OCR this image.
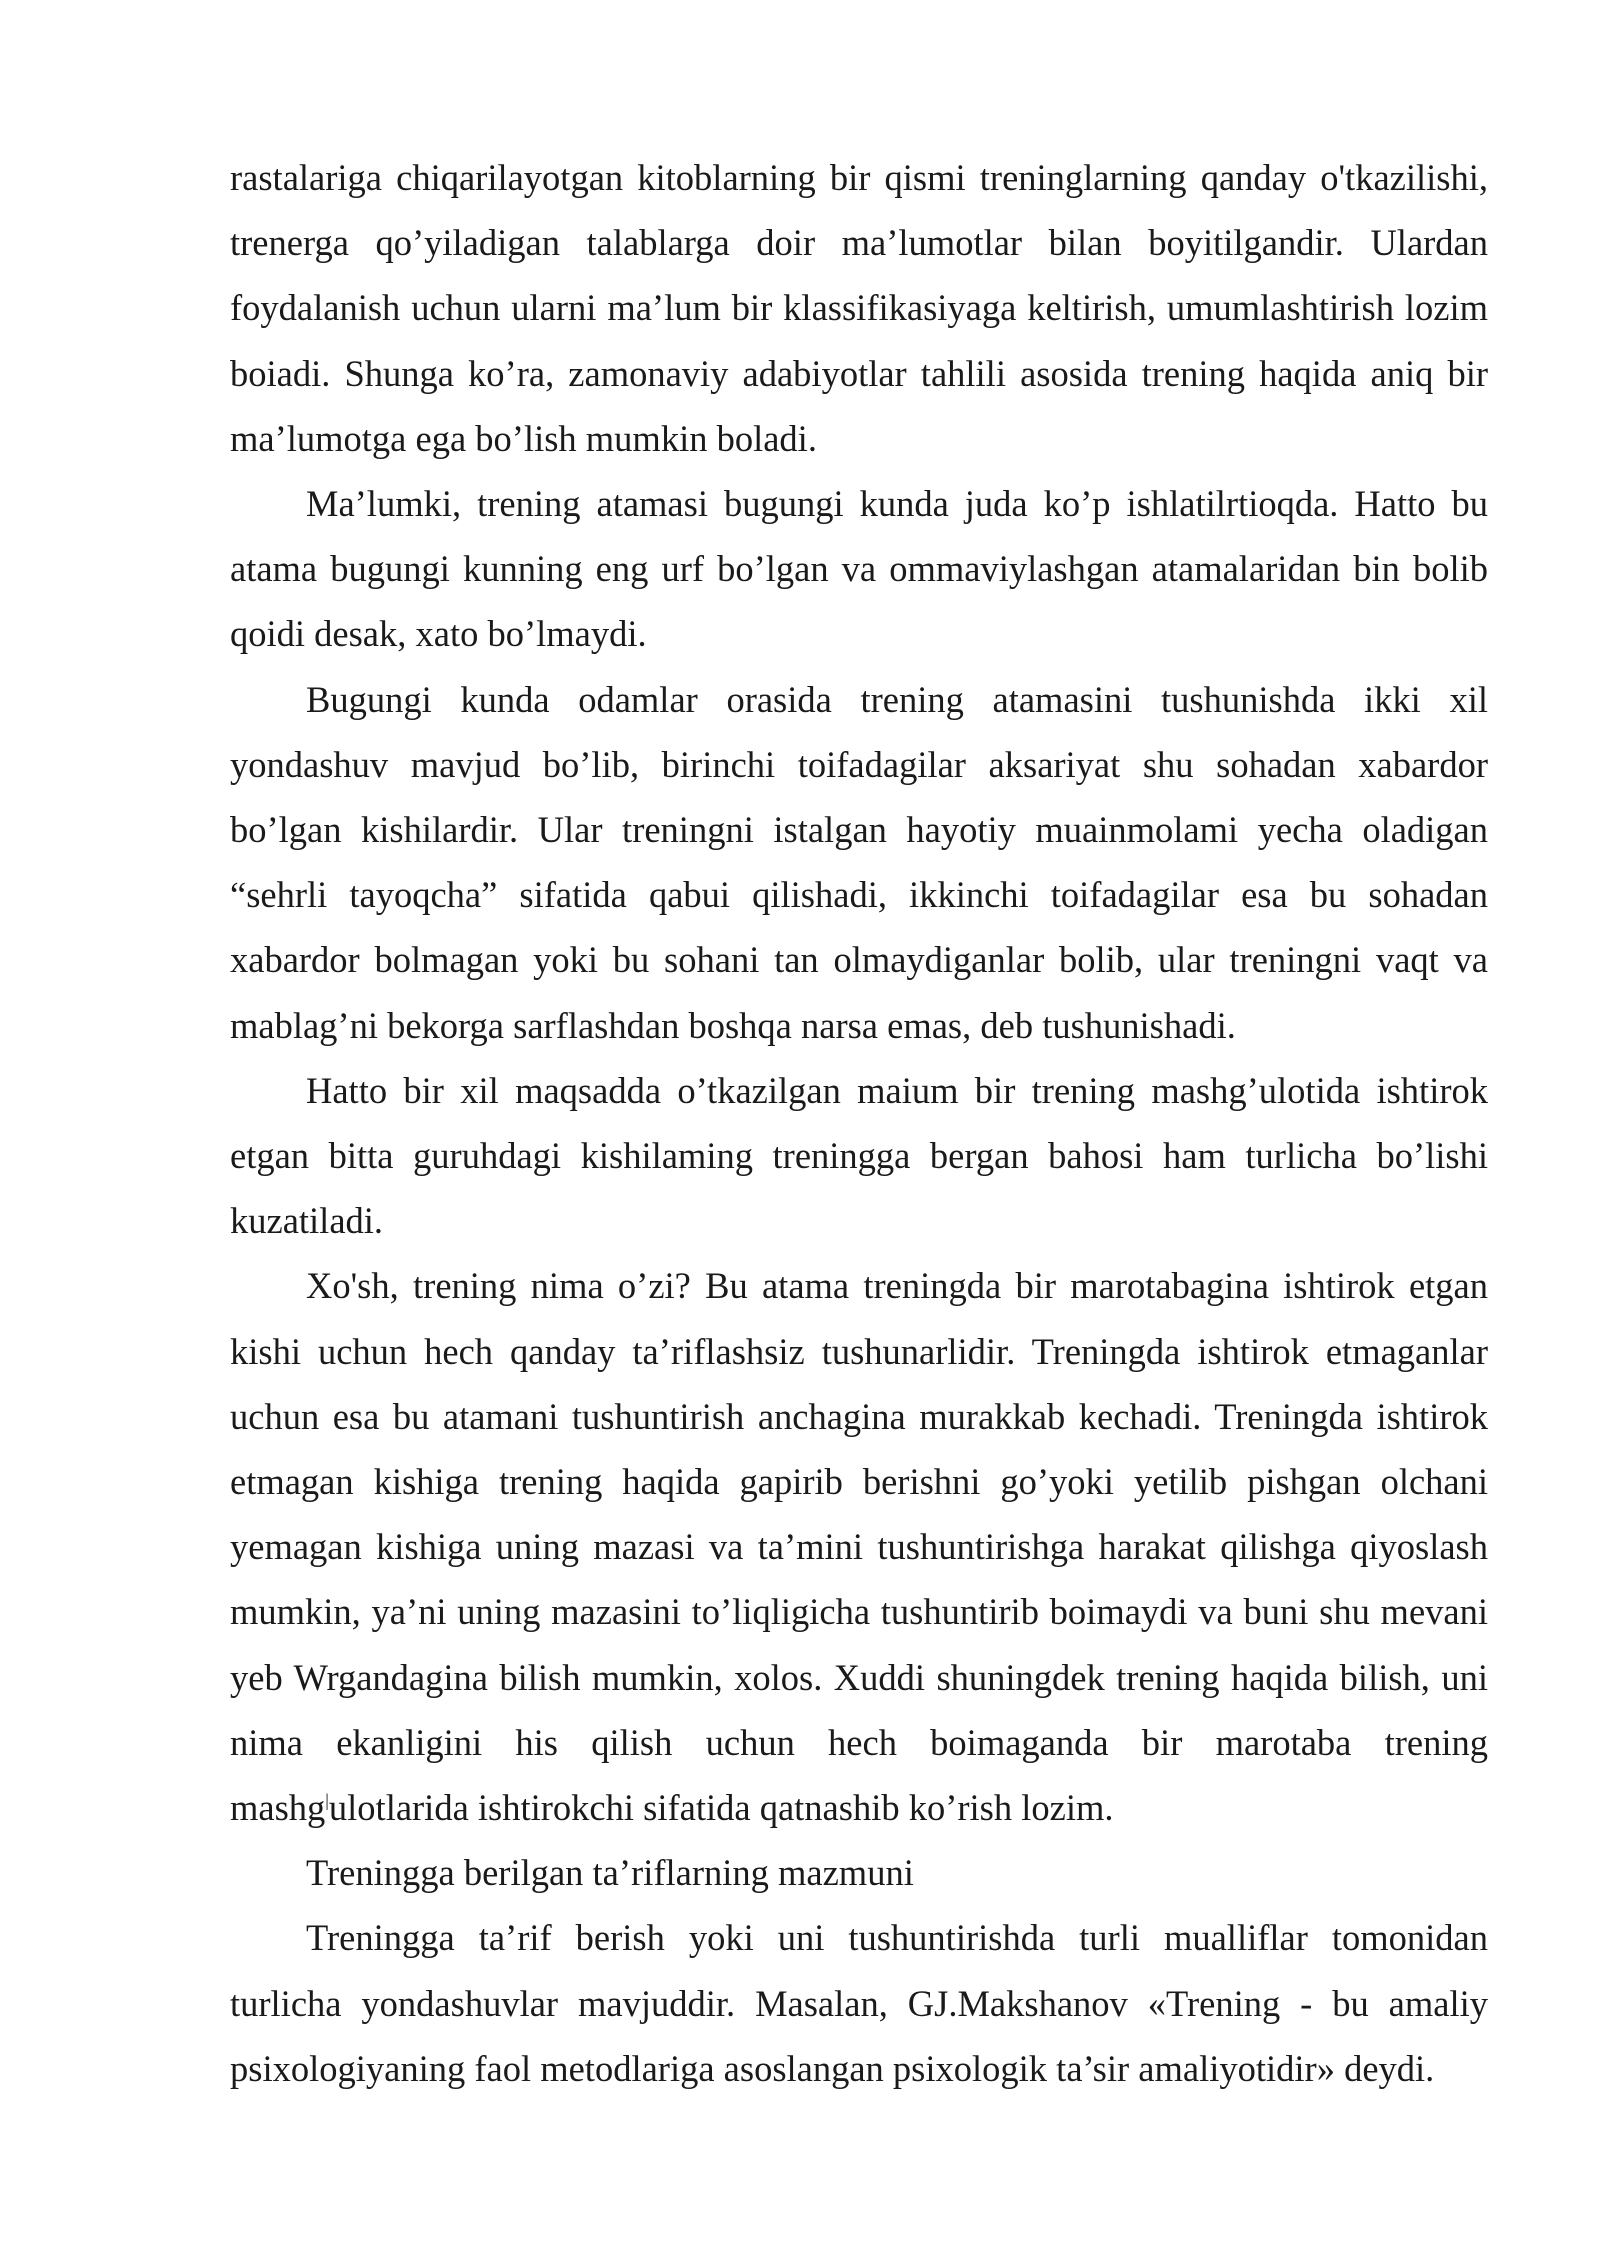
rastalariga chiqarilayotgan kitoblarning bir qismi treninglarning qanday o'tkazilishi, trenerga qo’yiladigan talablarga doir ma’lumotlar bilan boyitilgandir. Ulardan foydalanish uchun ularni ma’lum bir klassifikasiyaga keltirish, umumlashtirish lozim boiadi. Shunga ko’ra, zamonaviy adabiyotlar tahlili asosida trening haqida aniq bir ma’lumotga ega bo’lish mumkin boladi.

Ma’lumki, trening atamasi bugungi kunda juda ko’p ishlatilrtioqda. Hatto bu atama bugungi kunning eng urf bo’lgan va ommaviylashgan atamalaridan bin bolib qoidi desak, xato bo’lmaydi.

Bugungi kunda odamlar orasida trening atamasini tushunishda ikki xil yondashuv mavjud bo’lib, birinchi toifadagilar aksariyat shu sohadan xabardor bo’lgan kishilardir. Ular treningni istalgan hayotiy muainmolami yecha oladigan “sehrli tayoqcha” sifatida qabui qilishadi, ikkinchi toifadagilar esa bu sohadan xabardor bolmagan yoki bu sohani tan olmaydiganlar bolib, ular treningni vaqt va mablag’ni bekorga sarflashdan boshqa narsa emas, deb tushunishadi.

Hatto bir xil maqsadda o’tkazilgan maium bir trening mashg’ulotida ishtirok etgan bitta guruhdagi kishilaming treningga bergan bahosi ham turlicha bo’lishi kuzatiladi.

Xo'sh, trening nima o’zi? Bu atama treningda bir marotabagina ishtirok etgan kishi uchun hech qanday ta’riflashsiz tushunarlidir. Treningda ishtirok etmaganlar uchun esa bu atamani tushuntirish anchagina murakkab kechadi. Treningda ishtirok etmagan kishiga trening haqida gapirib berishni go’yoki yetilib pishgan olchani yemagan kishiga uning mazasi va ta’mini tushuntirishga harakat qilishga qiyoslash mumkin, ya’ni uning mazasini to’liqligicha tushuntirib boimaydi va buni shu mevani yeb Wrgandagina bilish mumkin, xolos. Xuddi shuningdek trening haqida bilish, uni nima ekanligini his qilish uchun hech boimaganda bir marotaba trening mashg|ulotlarida ishtirokchi sifatida qatnashib ko’rish lozim.

Treningga berilgan ta’riflarning mazmuni

Treningga ta’rif berish yoki uni tushuntirishda turli mualliflar tomonidan turlicha yondashuvlar mavjuddir. Masalan, GJ.Makshanov «Trening - bu amaliy psixologiyaning faol metodlariga asoslangan psixologik ta’sir amaliyotidir» deydi.
